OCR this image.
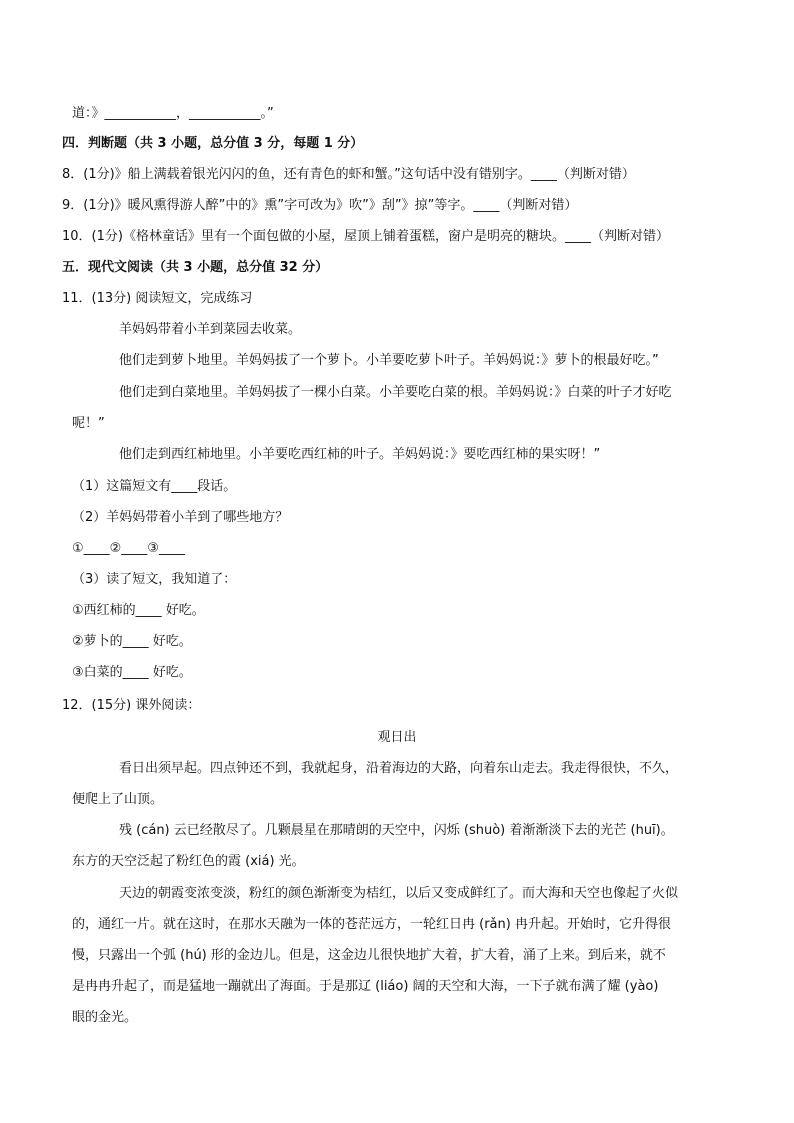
道：》___________，___________。”
四．判断题（共 3 小题，总分值 3 分，每题 1 分）
8．(1分)》船上满载着银光闪闪的鱼，还有青色的虾和蟹。”这句话中没有错别字。____（判断对错）
9．(1分)》暖风熏得游人醉”中的》熏”字可改为》吹”》刮”》掠”等字。____（判断对错）
10．(1分)《格林童话》里有一个面包做的小屋，屋顶上铺着蛋糕，窗户是明亮的糖块。____（判断对错）
五．现代文阅读（共 3 小题，总分值 32 分）
11．(13分) 阅读短文，完成练习
羊妈妈带着小羊到菜园去收菜。
他们走到萝卜地里。羊妈妈拔了一个萝卜。小羊要吃萝卜叶子。羊妈妈说：》萝卜的根最好吃。”
他们走到白菜地里。羊妈妈拔了一棵小白菜。小羊要吃白菜的根。羊妈妈说：》白菜的叶子才好吃
呢！”
他们走到西红柿地里。小羊要吃西红柿的叶子。羊妈妈说：》要吃西红柿的果实呀！”
（1）这篇短文有____段话。
（2）羊妈妈带着小羊到了哪些地方？
①____②____③____
（3）读了短文，我知道了：
①西红柿的____ 好吃。
②萝卜的____ 好吃。
③白菜的____ 好吃。
12．(15分) 课外阅读：
观日出
看日出须早起。四点钟还不到，我就起身，沿着海边的大路，向着东山走去。我走得很快，不久，
便爬上了山顶。
残 (cán) 云已经散尽了。几颗晨星在那晴朗的天空中，闪烁 (shuò) 着渐渐淡下去的光芒 (huī)。
东方的天空泛起了粉红色的霞 (xiá) 光。
天边的朝霞变浓变淡，粉红的颜色渐渐变为桔红，以后又变成鲜红了。而大海和天空也像起了火似
的，通红一片。就在这时，在那水天融为一体的苍茫远方，一轮红日冉 (rǎn) 冉升起。开始时，它升得很
慢，只露出一个弧 (hú) 形的金边儿。但是，这金边儿很快地扩大着，扩大着，涌了上来。到后来，就不
是冉冉升起了，而是猛地一蹦就出了海面。于是那辽 (liáo) 阔的天空和大海，一下子就布满了耀 (yào)
眼的金光。
